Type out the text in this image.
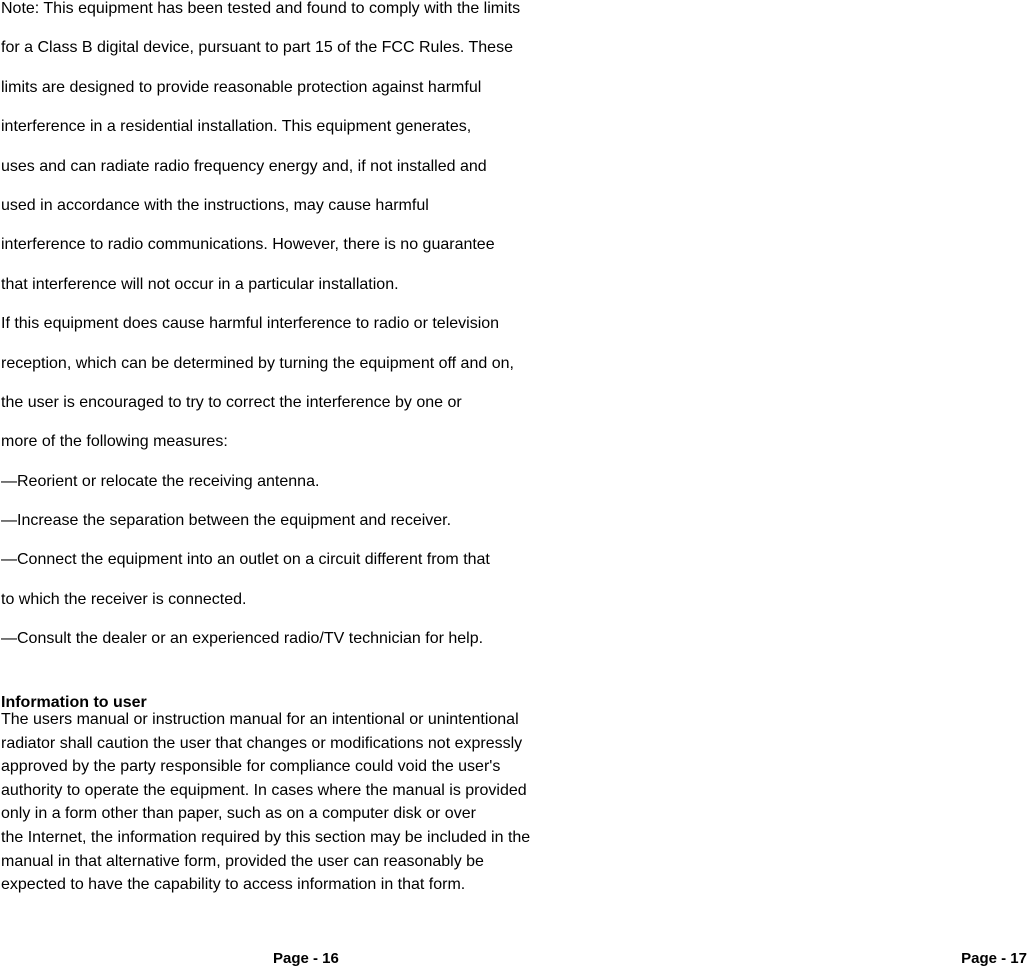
Note: This equipment has been tested and found to comply with the limits
for a Class B digital device, pursuant to part 15 of the FCC Rules. These
limits are designed to provide reasonable protection against harmful
interference in a residential installation. This equipment generates,
uses and can radiate radio frequency energy and, if not installed and
used in accordance with the instructions, may cause harmful
interference to radio communications. However, there is no guarantee
that interference will not occur in a particular installation.
If this equipment does cause harmful interference to radio or television
reception, which can be determined by turning the equipment off and on,
the user is encouraged to try to correct the interference by one or
more of the following measures:
—Reorient or relocate the receiving antenna.
—Increase the separation between the equipment and receiver.
—Connect the equipment into an outlet on a circuit different from that
to which the receiver is connected.
—Consult the dealer or an experienced radio/TV technician for help.
Information to user
The users manual or instruction manual for an intentional or unintentional
radiator shall caution the user that changes or modifications not expressly
approved by the party responsible for compliance could void the user's
authority to operate the equipment. In cases where the manual is provided
only in a form other than paper, such as on a computer disk or over
the Internet, the information required by this section may be included in the
manual in that alternative form, provided the user can reasonably be
expected to have the capability to access information in that form.
Page - 16	Page - 17
